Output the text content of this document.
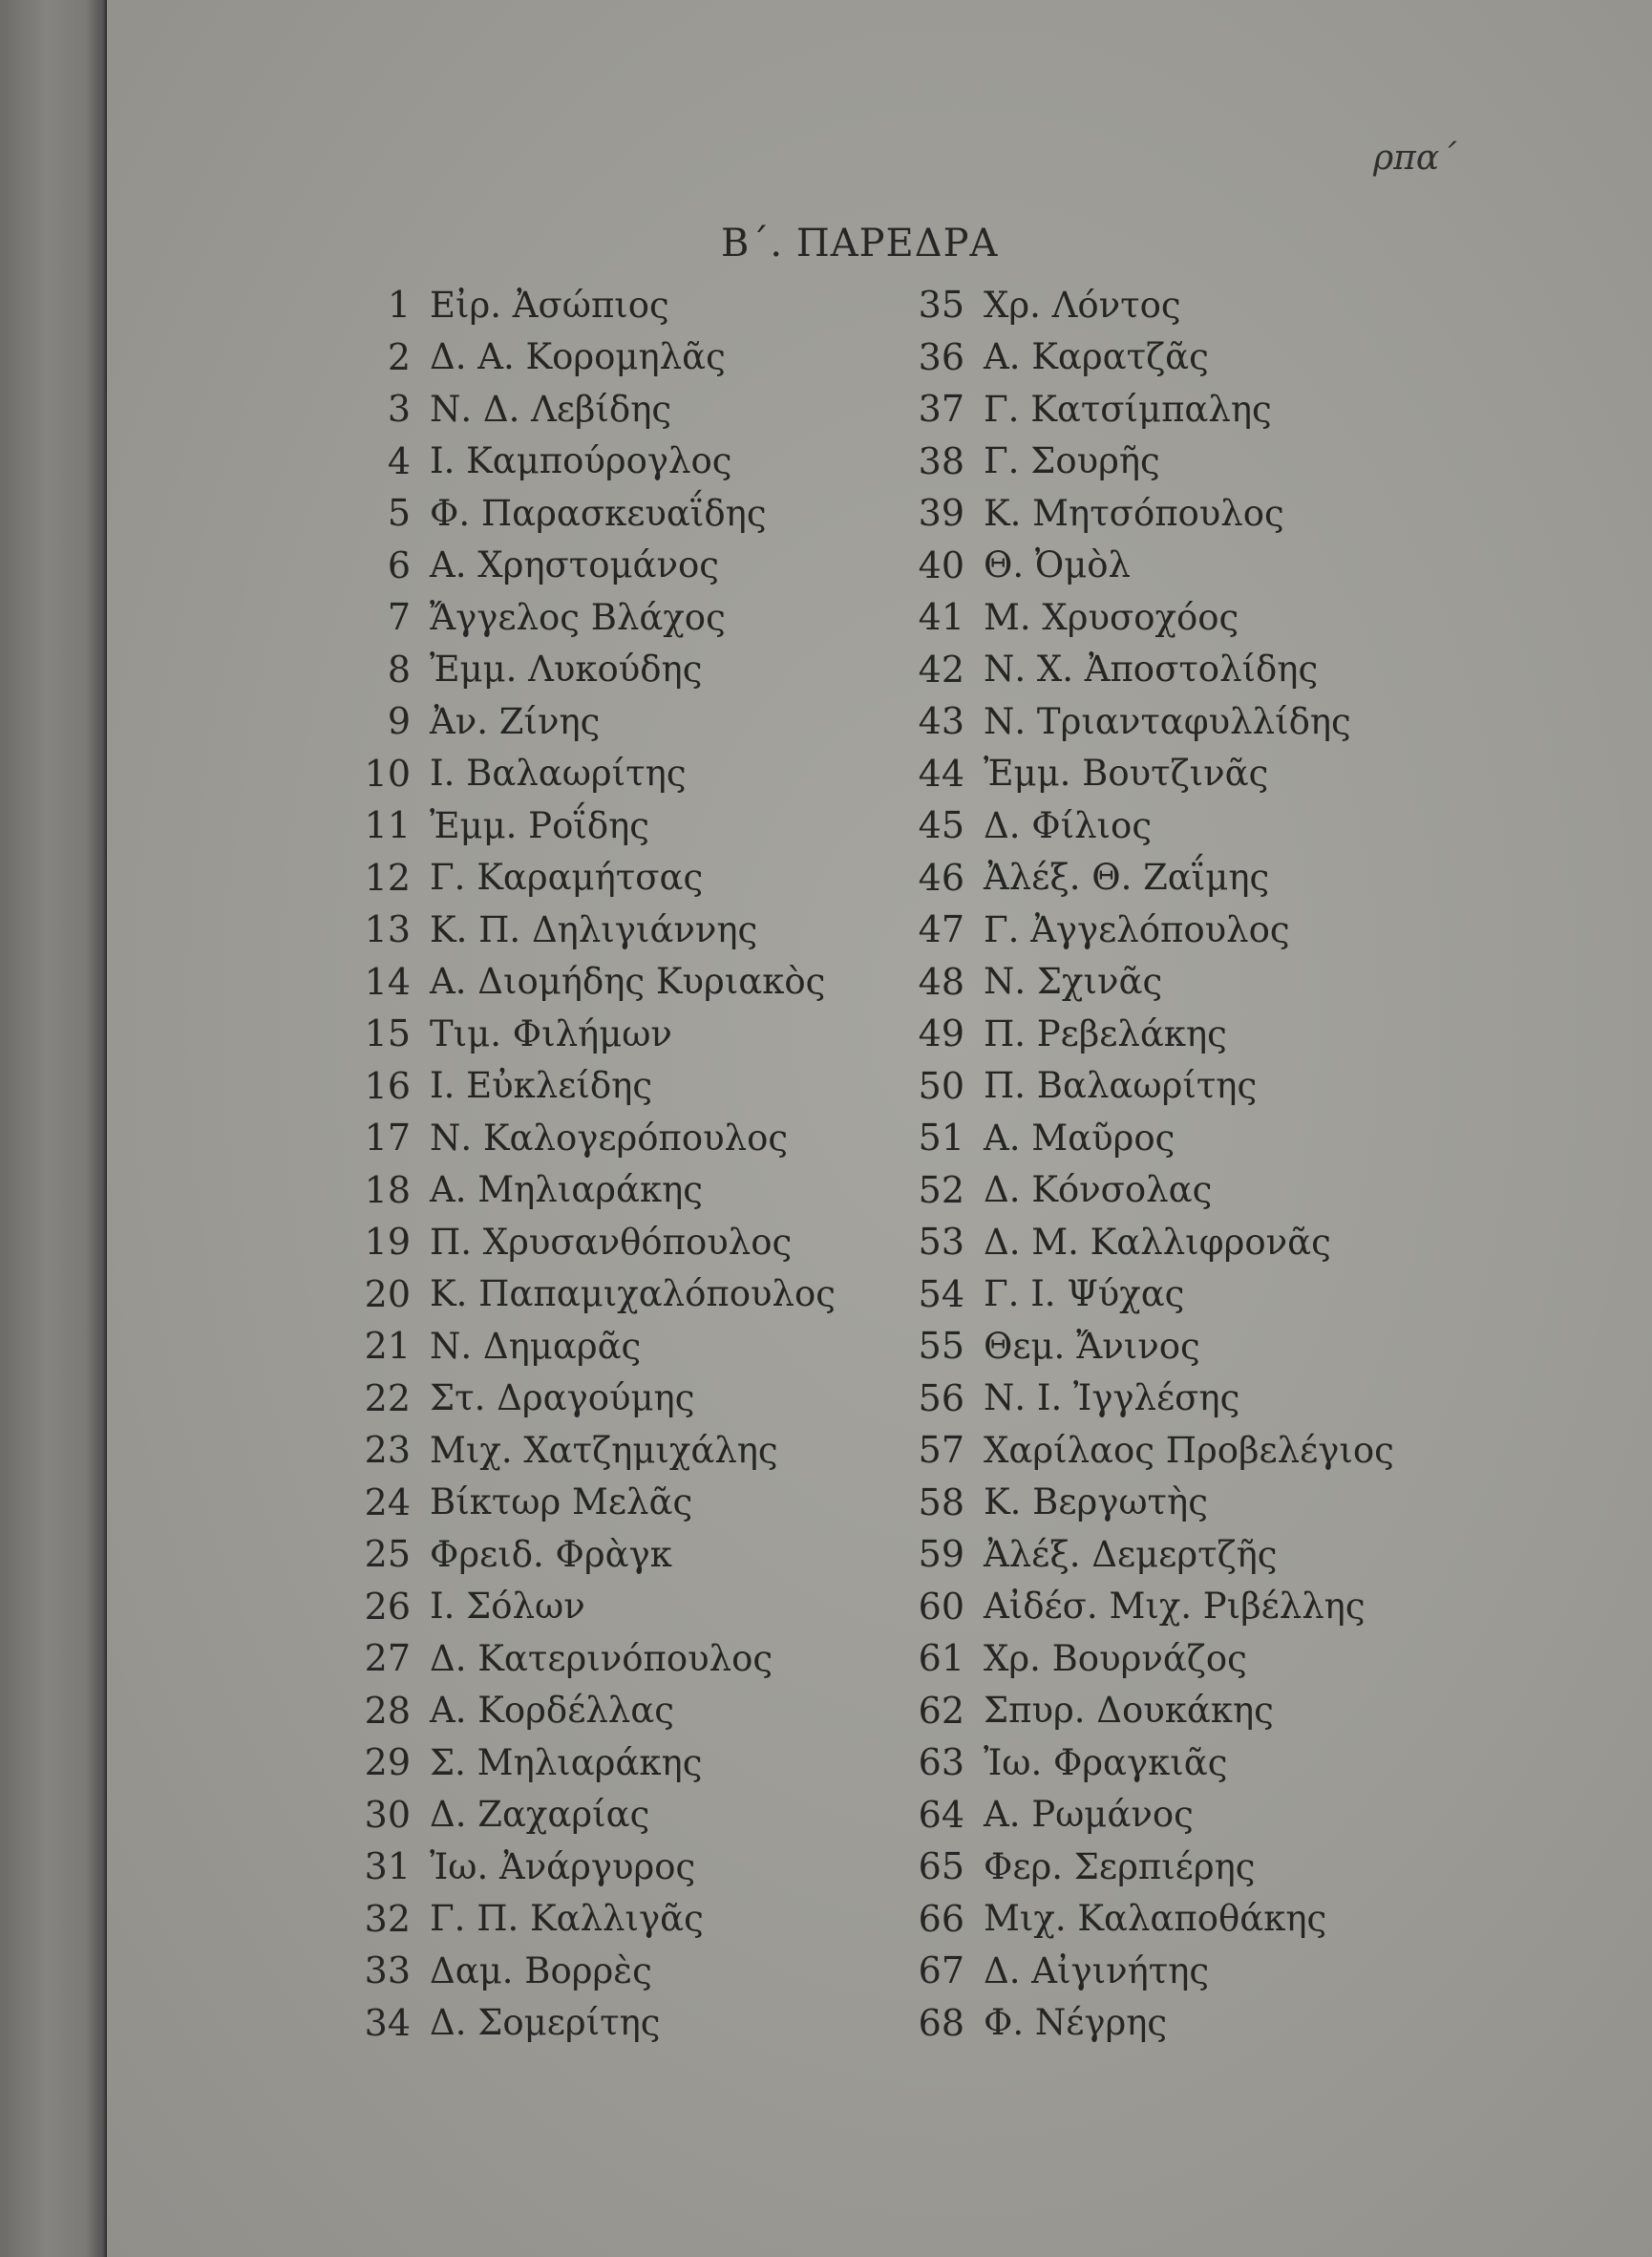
ρπα΄
Β΄. ΠΑΡΕΔΡΑ
1 Εἰρ. Ἀσώπιος
2 Δ. Α. Κορομηλᾶς
3 Ν. Δ. Λεβίδης
4 Ι. Καμπούρογλος
5 Φ. Παρασκευαΐδης
6 Α. Χρηστομάνος
7 Ἄγγελος Βλάχος
8 Ἐμμ. Λυκούδης
9 Ἀν. Ζίνης
10 Ι. Βαλαωρίτης
11 Ἐμμ. Ροΐδης
12 Γ. Καραμήτσας
13 Κ. Π. Δηλιγιάννης
14 Α. Διομήδης Κυριακὸς
15 Τιμ. Φιλήμων
16 Ι. Εὐκλείδης
17 Ν. Καλογερόπουλος
18 Α. Μηλιαράκης
19 Π. Χρυσανθόπουλος
20 Κ. Παπαμιχαλόπουλος
21 Ν. Δημαρᾶς
22 Στ. Δραγούμης
23 Μιχ. Χατζημιχάλης
24 Βίκτωρ Μελᾶς
25 Φρειδ. Φρὰγκ
26 Ι. Σόλων
27 Δ. Κατερινόπουλος
28 Α. Κορδέλλας
29 Σ. Μηλιαράκης
30 Δ. Ζαχαρίας
31 Ἰω. Ἀνάργυρος
32 Γ. Π. Καλλιγᾶς
33 Δαμ. Βορρὲς
34 Δ. Σομερίτης
35 Χρ. Λόντος
36 Α. Καρατζᾶς
37 Γ. Κατσίμπαλης
38 Γ. Σουρῆς
39 Κ. Μητσόπουλος
40 Θ. Ὀμὸλ
41 Μ. Χρυσοχόος
42 Ν. Χ. Ἀποστολίδης
43 Ν. Τριανταφυλλίδης
44 Ἐμμ. Βουτζινᾶς
45 Δ. Φίλιος
46 Ἀλέξ. Θ. Ζαΐμης
47 Γ. Ἀγγελόπουλος
48 Ν. Σχινᾶς
49 Π. Ρεβελάκης
50 Π. Βαλαωρίτης
51 Α. Μαῦρος
52 Δ. Κόνσολας
53 Δ. Μ. Καλλιφρονᾶς
54 Γ. Ι. Ψύχας
55 Θεμ. Ἄνινος
56 Ν. Ι. Ἰγγλέσης
57 Χαρίλαος Προβελέγιος
58 Κ. Βεργωτὴς
59 Ἀλέξ. Δεμερτζῆς
60 Αἰδέσ. Μιχ. Ριβέλλης
61 Χρ. Βουρνάζος
62 Σπυρ. Δουκάκης
63 Ἰω. Φραγκιᾶς
64 Α. Ρωμάνος
65 Φερ. Σερπιέρης
66 Μιχ. Καλαποθάκης
67 Δ. Αἰγινήτης
68 Φ. Νέγρης
